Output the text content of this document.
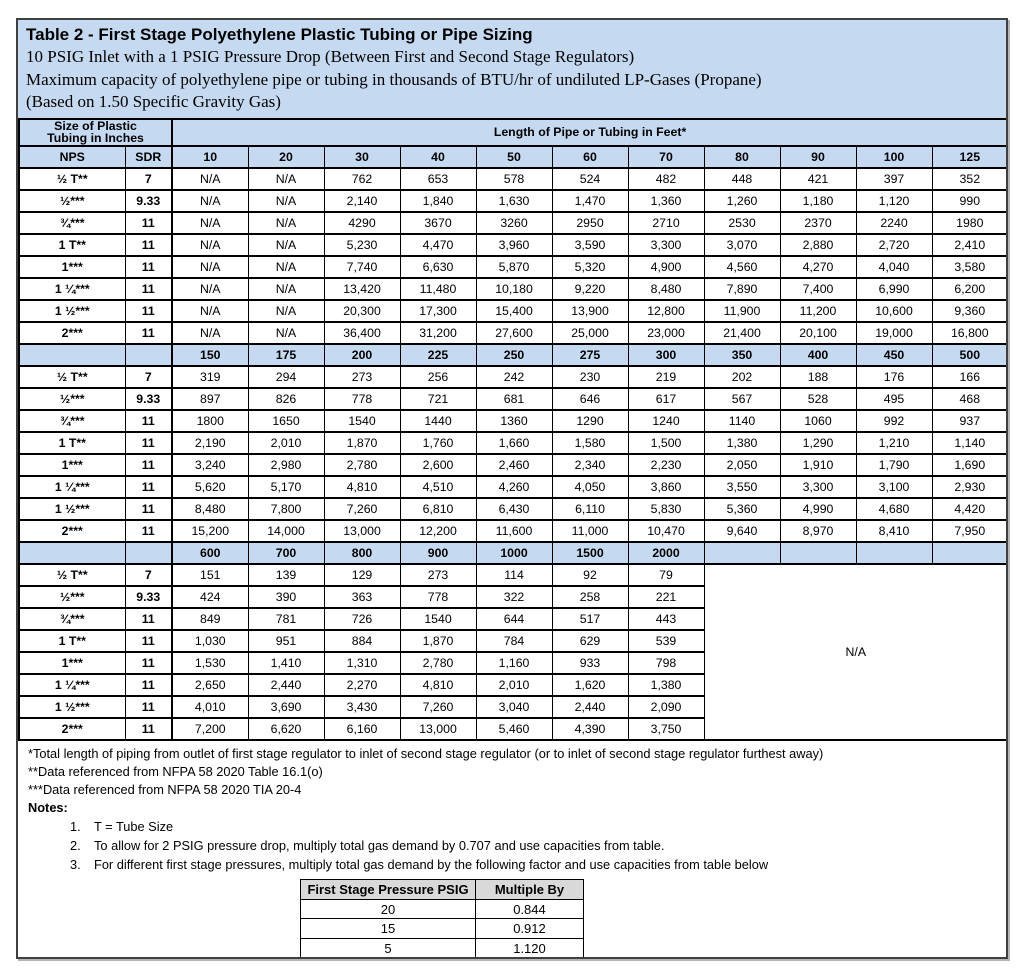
Table 2 - First Stage Polyethylene Plastic Tubing or Pipe Sizing
10 PSIG Inlet with a 1 PSIG Pressure Drop (Between First and Second Stage Regulators)
Maximum capacity of polyethylene pipe or tubing in thousands of BTU/hr of undiluted LP-Gases (Propane)
(Based on 1.50 Specific Gravity Gas)
Size of Plastic
Tubing in Inches		Length of Pipe or Tubing in Feet*										
NPS	SDR	10	20	30	40	50	60	70	80	90	100	125
½ T**	7	N/A	N/A	762	653	578	524	482	448	421	397	352
½***	9.33	N/A	N/A	2,140	1,840	1,630	1,470	1,360	1,260	1,180	1,120	990
¾***	11	N/A	N/A	4290	3670	3260	2950	2710	2530	2370	2240	1980
1 T**	11	N/A	N/A	5,230	4,470	3,960	3,590	3,300	3,070	2,880	2,720	2,410
1***	11	N/A	N/A	7,740	6,630	5,870	5,320	4,900	4,560	4,270	4,040	3,580
1 ¼***	11	N/A	N/A	13,420	11,480	10,180	9,220	8,480	7,890	7,400	6,990	6,200
1 ½***	11	N/A	N/A	20,300	17,300	15,400	13,900	12,800	11,900	11,200	10,600	9,360
2***	11	N/A	N/A	36,400	31,200	27,600	25,000	23,000	21,400	20,100	19,000	16,800
		150	175	200	225	250	275	300	350	400	450	500
½ T**	7	319	294	273	256	242	230	219	202	188	176	166
½***	9.33	897	826	778	721	681	646	617	567	528	495	468
¾***	11	1800	1650	1540	1440	1360	1290	1240	1140	1060	992	937
1 T**	11	2,190	2,010	1,870	1,760	1,660	1,580	1,500	1,380	1,290	1,210	1,140
1***	11	3,240	2,980	2,780	2,600	2,460	2,340	2,230	2,050	1,910	1,790	1,690
1 ¼***	11	5,620	5,170	4,810	4,510	4,260	4,050	3,860	3,550	3,300	3,100	2,930
1 ½***	11	8,480	7,800	7,260	6,810	6,430	6,110	5,830	5,360	4,990	4,680	4,420
2***	11	15,200	14,000	13,000	12,200	11,600	11,000	10,470	9,640	8,970	8,410	7,950
		600	700	800	900	1000	1500	2000				
½ T**	7	151	139	129	273	114	92	79	N/A			
½***	9.33	424	390	363	778	322	258	221				
¾***	11	849	781	726	1540	644	517	443				
1 T**	11	1,030	951	884	1,870	784	629	539				
1***	11	1,530	1,410	1,310	2,780	1,160	933	798				
1 ¼***	11	2,650	2,440	2,270	4,810	2,010	1,620	1,380				
1 ½***	11	4,010	3,690	3,430	7,260	3,040	2,440	2,090				
2***	11	7,200	6,620	6,160	13,000	5,460	4,390	3,750				
*Total length of piping from outlet of first stage regulator to inlet of second stage regulator (or to inlet of second stage regulator furthest away)
**Data referenced from NFPA 58 2020 Table 16.1(o)
***Data referenced from NFPA 58 2020 TIA 20-4
Notes:
1.	T = Tube Size
2.	To allow for 2 PSIG pressure drop, multiply total gas demand by 0.707 and use capacities from table.
3.	For different first stage pressures, multiply total gas demand by the following factor and use capacities from table below
First Stage Pressure PSIG	Multiple By
20	0.844
15	0.912
5	1.120
